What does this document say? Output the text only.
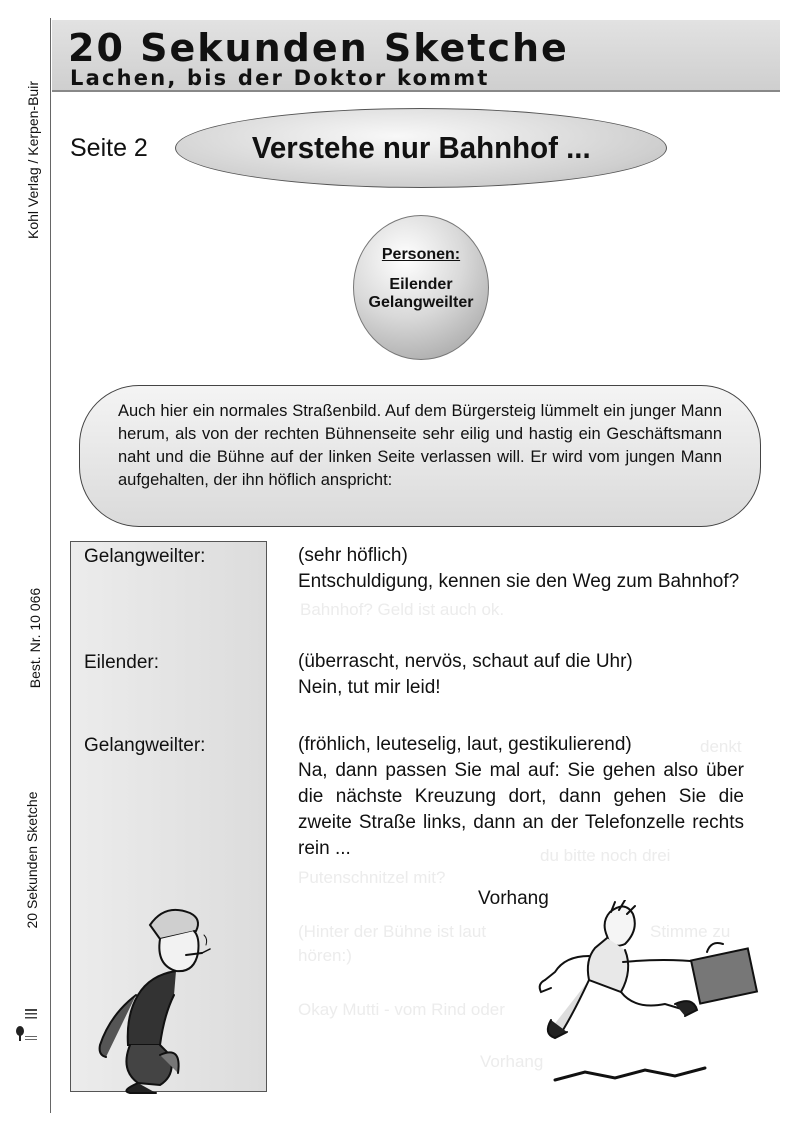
Kohl Verlag / Kerpen-Buir
Best. Nr. 10 066
20 Sekunden Sketche
20 Sekunden Sketche
Lachen, bis der Doktor kommt
Seite 2	Verstehe nur Bahnhof ...
Personen:
Eilender
Gelangweilter

Auch hier ein normales Straßenbild. Auf dem Bürgersteig lümmelt ein junger Mann herum, als von der rechten Bühnenseite sehr eilig und hastig ein Geschäftsmann naht und die Bühne auf der linken Seite verlassen will. Er wird vom jungen Mann aufgehalten, der ihn höflich anspricht:

Bahnhof? Geld ist auch ok.
denkt
du bitte noch drei
Putenschnitzel mit?
(Hinter der Bühne ist laut	Stimme zu
hören:)
Okay Mutti - vom Rind oder
Vorhang
Gelangweilter:
Eilender:
Gelangweilter:
(sehr höflich)
Entschuldigung, kennen sie den Weg zum Bahnhof?
(überrascht, nervös, schaut auf die Uhr)
Nein, tut mir leid!
(fröhlich, leuteselig, laut, gestikulierend)
Na, dann passen Sie mal auf: Sie gehen also über die nächste Kreuzung dort, dann gehen Sie die zweite Straße links, dann an der Telefonzelle rechts rein ...
Vorhang
